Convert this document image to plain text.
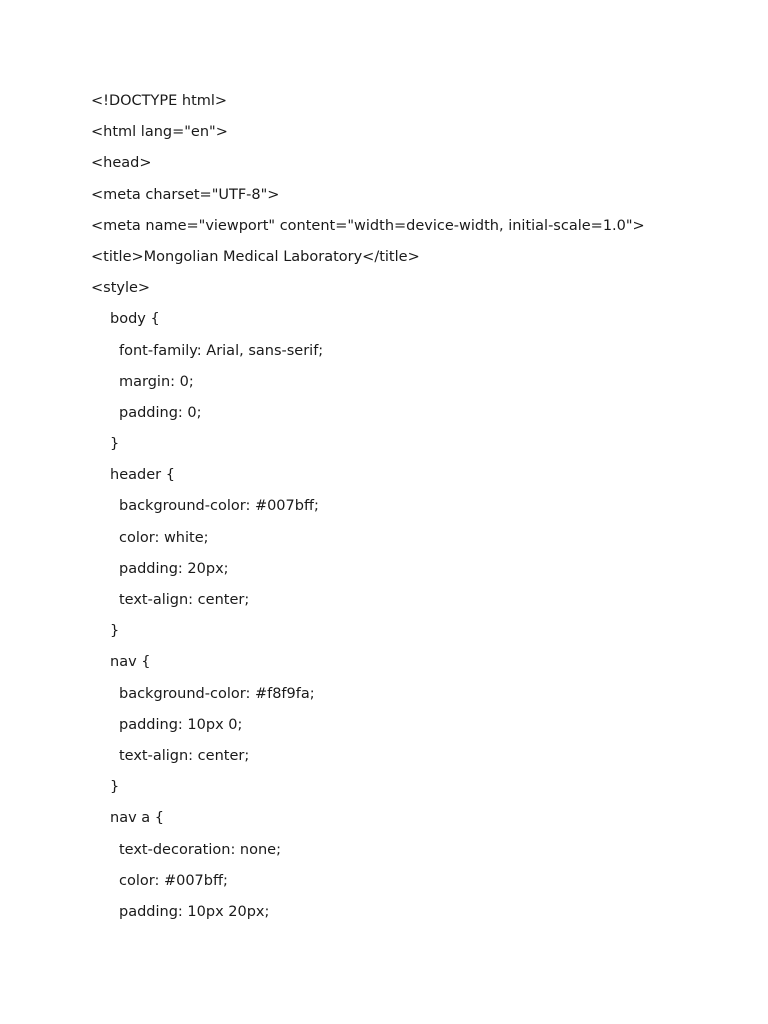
<!DOCTYPE html>
<html lang="en">
<head>
<meta charset="UTF-8">
<meta name="viewport" content="width=device-width, initial-scale=1.0">
<title>Mongolian Medical Laboratory</title>
<style>
body {
font-family: Arial, sans-serif;
margin: 0;
padding: 0;
}
header {
background-color: #007bff;
color: white;
padding: 20px;
text-align: center;
}
nav {
background-color: #f8f9fa;
padding: 10px 0;
text-align: center;
}
nav a {
text-decoration: none;
color: #007bff;
padding: 10px 20px;
